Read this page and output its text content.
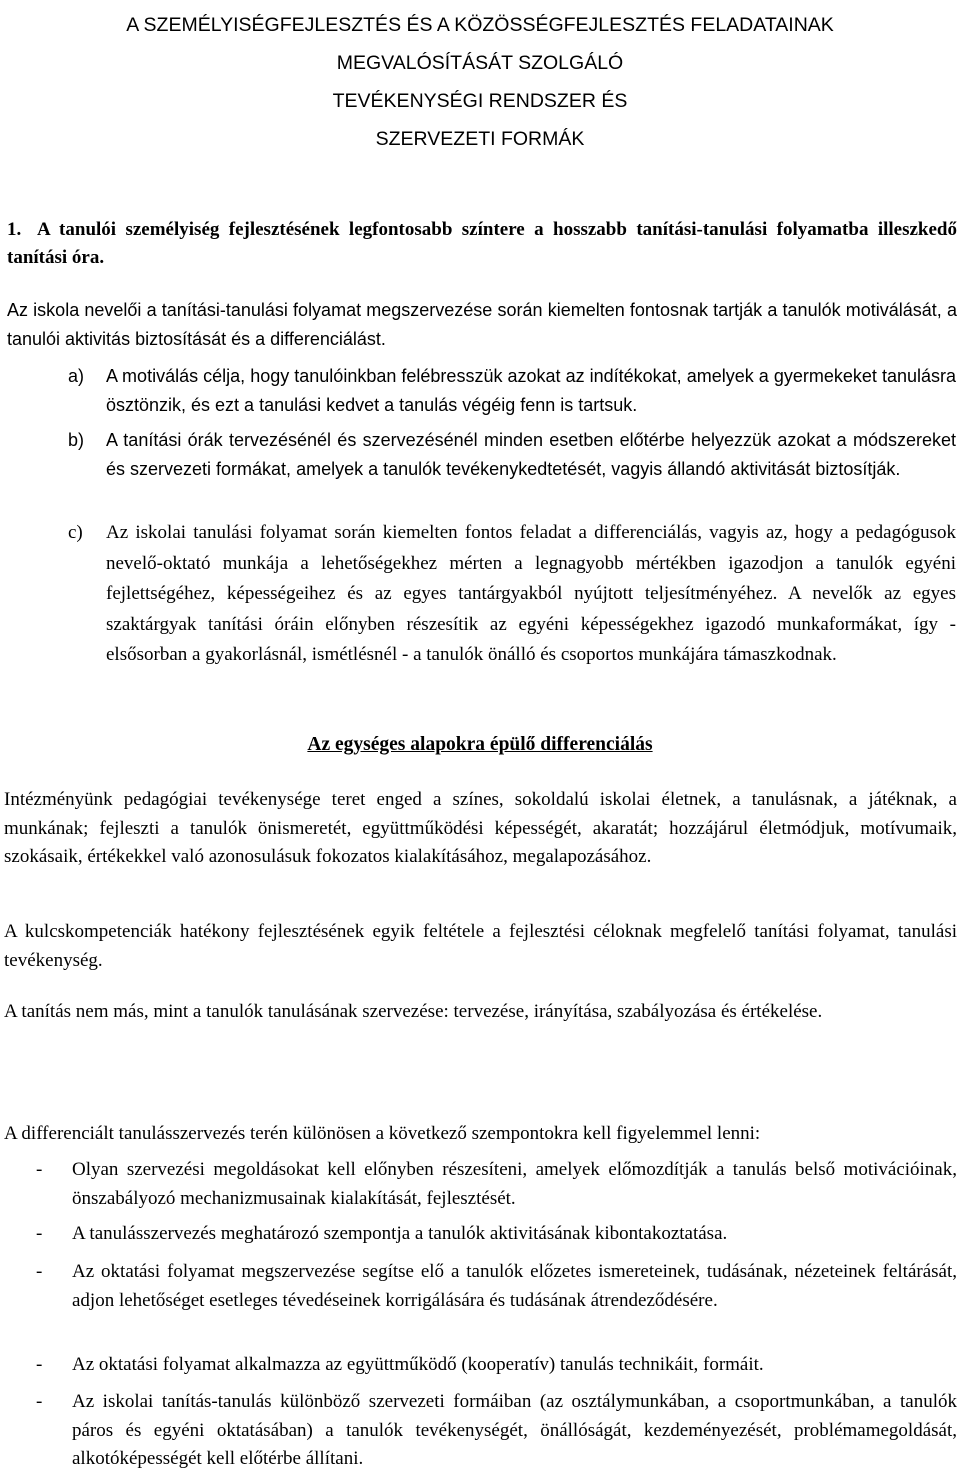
A SZEMÉLYISÉGFEJLESZTÉS ÉS A KÖZÖSSÉGFEJLESZTÉS FELADATAINAK
MEGVALÓSÍTÁSÁT SZOLGÁLÓ
TEVÉKENYSÉGI RENDSZER ÉS
SZERVEZETI FORMÁK
1. A tanulói személyiség fejlesztésének legfontosabb színtere a hosszabb tanítási-tanulási folyamatba illeszkedő tanítási óra.
Az iskola nevelői a tanítási-tanulási folyamat megszervezése során kiemelten fontosnak tartják a tanulók motiválását, a tanulói aktivitás biztosítását és a differenciálást.
a) A motiválás célja, hogy tanulóinkban felébresszük azokat az indítékokat, amelyek a gyermekeket tanulásra ösztönzik, és ezt a tanulási kedvet a tanulás végéig fenn is tartsuk.
b) A tanítási órák tervezésénél és szervezésénél minden esetben előtérbe helyezzük azokat a módszereket és szervezeti formákat, amelyek a tanulók tevékenykedtetését, vagyis állandó aktivitását biztosítják.
c) Az iskolai tanulási folyamat során kiemelten fontos feladat a differenciálás, vagyis az, hogy a pedagógusok nevelő-oktató munkája a lehetőségekhez mérten a legnagyobb mértékben igazodjon a tanulók egyéni fejlettségéhez, képességeihez és az egyes tantárgyakból nyújtott teljesítményéhez. A nevelők az egyes szaktárgyak tanítási óráin előnyben részesítik az egyéni képességekhez igazodó munkaformákat, így - elsősorban a gyakorlásnál, ismétlésnél - a tanulók önálló és csoportos munkájára támaszkodnak.
Az egységes alapokra épülő differenciálás
Intézményünk pedagógiai tevékenysége teret enged a színes, sokoldalú iskolai életnek, a tanulásnak, a játéknak, a munkának; fejleszti a tanulók önismeretét, együttműködési képességét, akaratát; hozzájárul életmódjuk, motívumaik, szokásaik, értékekkel való azonosulásuk fokozatos kialakításához, megalapozásához.
A kulcskompetenciák hatékony fejlesztésének egyik feltétele a fejlesztési céloknak megfelelő tanítási folyamat, tanulási tevékenység.
A tanítás nem más, mint a tanulók tanulásának szervezése: tervezése, irányítása, szabályozása és értékelése.
A differenciált tanulásszervezés terén különösen a következő szempontokra kell figyelemmel lenni:
- Olyan szervezési megoldásokat kell előnyben részesíteni, amelyek előmozdítják a tanulás belső motivációinak, önszabályozó mechanizmusainak kialakítását, fejlesztését.
- A tanulásszervezés meghatározó szempontja a tanulók aktivitásának kibontakoztatása.
- Az oktatási folyamat megszervezése segítse elő a tanulók előzetes ismereteinek, tudásának, nézeteinek feltárását, adjon lehetőséget esetleges tévedéseinek korrigálására és tudásának átrendeződésére.
- Az oktatási folyamat alkalmazza az együttműködő (kooperatív) tanulás technikáit, formáit.
- Az iskolai tanítás-tanulás különböző szervezeti formáiban (az osztálymunkában, a csoportmunkában, a tanulók páros és egyéni oktatásában) a tanulók tevékenységét, önállóságát, kezdeményezését, problémamegoldását, alkotóképességét kell előtérbe állítani.
